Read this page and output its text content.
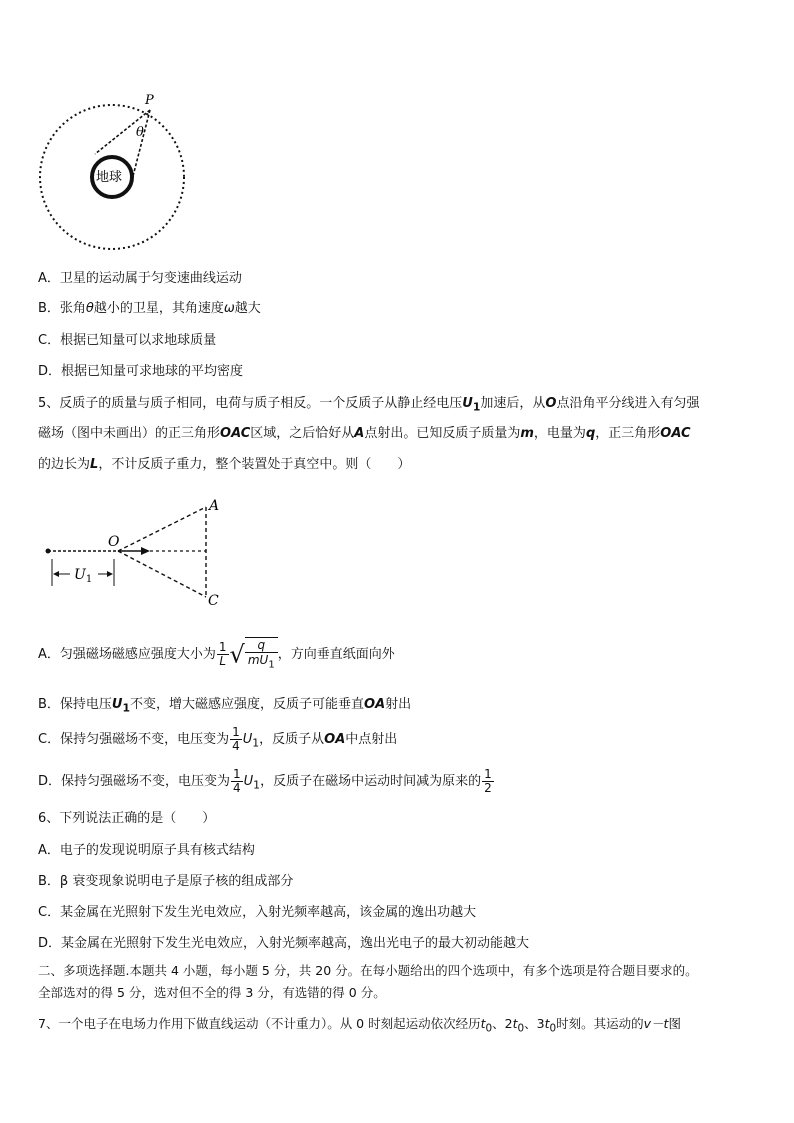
P
θ
地球
A．卫星的运动属于匀变速曲线运动
B．张角θ越小的卫星，其角速度ω越大
C．根据已知量可以求地球质量
D．根据已知量可求地球的平均密度
5、反质子的质量与质子相同，电荷与质子相反。一个反质子从静止经电压$U_1$加速后，从O点沿角平分线进入有匀强
磁场（图中未画出）的正三角形OAC区域，之后恰好从A点射出。已知反质子质量为m，电量为q，正三角形OAC
的边长为L，不计反质子重力，整个装置处于真空中。则（　　）
A
O
C
$U_1$
A．匀强磁场磁感应强度大小为 $\frac{1}{L}$ √ $\frac{q}{mU_1}$ ，方向垂直纸面向外
B．保持电压$U_1$不变，增大磁感应强度，反质子可能垂直OA射出
C．保持匀强磁场不变，电压变为 $\frac{1}{4} U_1$，反质子从OA中点射出
D．保持匀强磁场不变，电压变为 $\frac{1}{4} U_1$，反质子在磁场中运动时间减为原来的 $\frac{1}{2}$
6、下列说法正确的是（　　）
A．电子的发现说明原子具有核式结构
B．β 衰变现象说明电子是原子核的组成部分
C．某金属在光照射下发生光电效应，入射光频率越高，该金属的逸出功越大
D．某金属在光照射下发生光电效应，入射光频率越高，逸出光电子的最大初动能越大
二、多项选择题.本题共 4 小题，每小题 5 分，共 20 分。在每小题给出的四个选项中，有多个选项是符合题目要求的。
全部选对的得 5 分，选对但不全的得 3 分，有选错的得 0 分。
7、一个电子在电场力作用下做直线运动（不计重力）。从 0 时刻起运动依次经历$t_0$、$2t_0$、$3t_0$时刻。其运动的v－t图
